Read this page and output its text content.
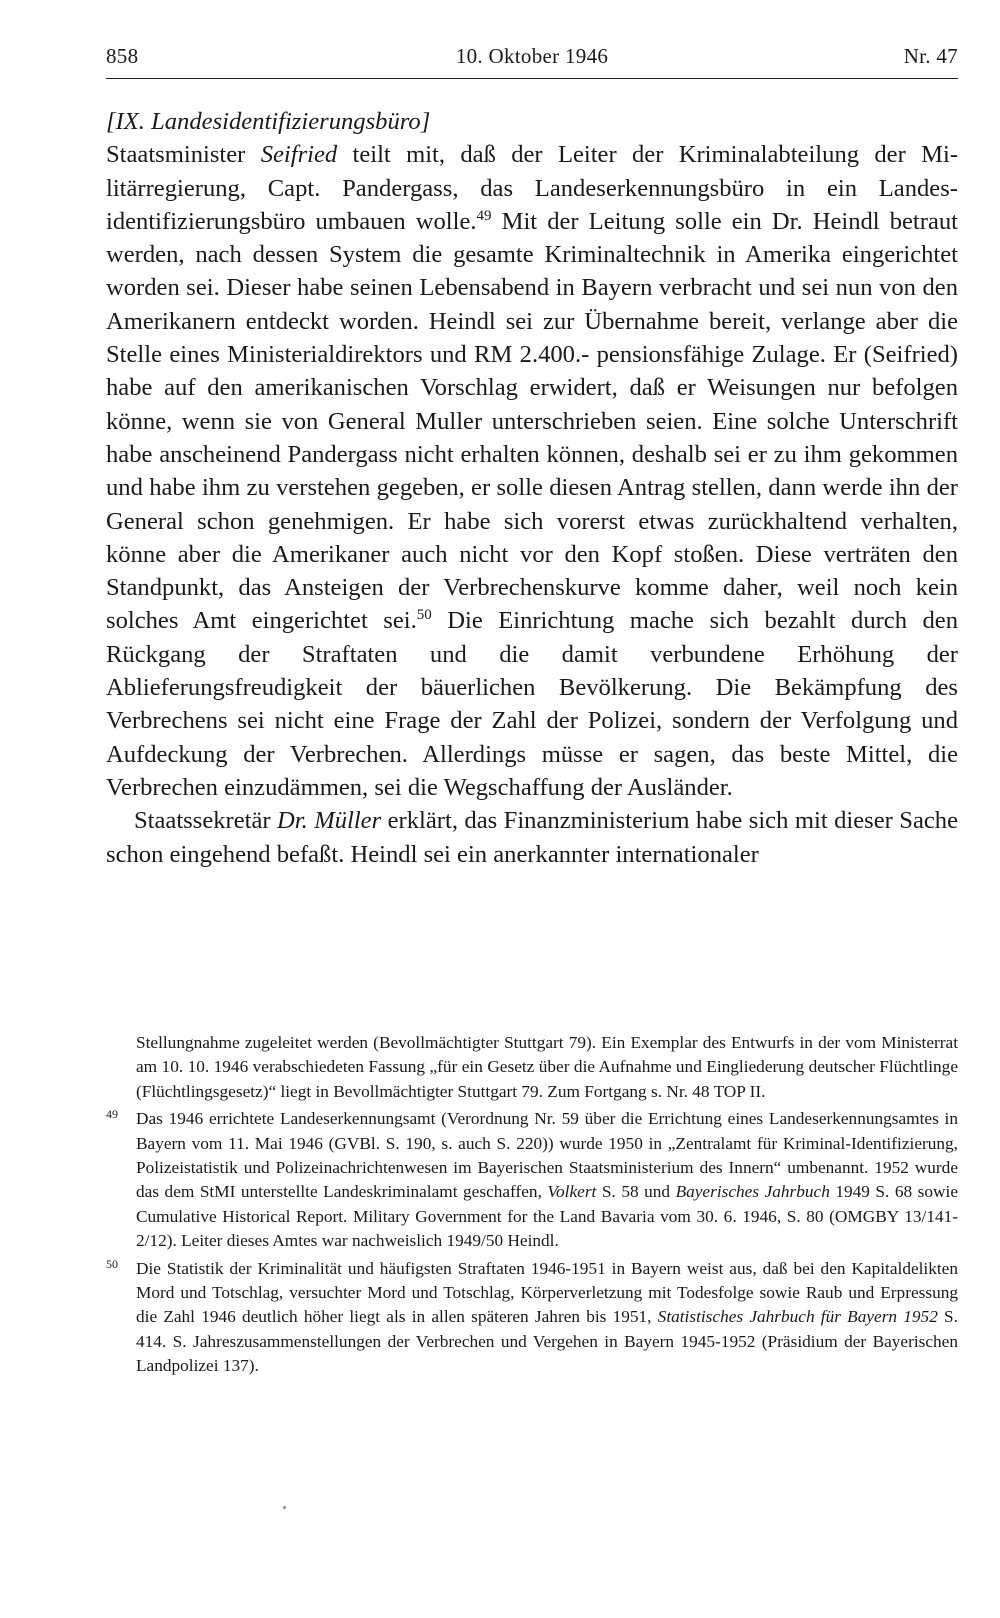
858	10. Oktober 1946	Nr. 47

[IX. Landesidentifizierungsbüro]

Staatsminister Seifried teilt mit, daß der Leiter der Kriminalabteilung der Militärregierung, Capt. Pandergass, das Landeserkennungsbüro in ein Landesidentifizierungsbüro umbauen wolle.$^{49}$ Mit der Leitung solle ein Dr. Heindl betraut werden, nach dessen System die gesamte Kriminaltechnik in Amerika eingerichtet worden sei. Dieser habe seinen Lebensabend in Bayern verbracht und sei nun von den Amerikanern entdeckt worden. Heindl sei zur Übernahme bereit, verlange aber die Stelle eines Ministerialdirektors und RM 2.400.- pensionsfähige Zulage. Er (Seifried) habe auf den amerikanischen Vorschlag erwidert, daß er Weisungen nur befolgen könne, wenn sie von General Muller unterschrieben seien. Eine solche Unterschrift habe anscheinend Pandergass nicht erhalten können, deshalb sei er zu ihm gekommen und habe ihm zu verstehen gegeben, er solle diesen Antrag stellen, dann werde ihn der General schon genehmigen. Er habe sich vorerst etwas zurückhaltend verhalten, könne aber die Amerikaner auch nicht vor den Kopf stoßen. Diese verträten den Standpunkt, das Ansteigen der Verbrechenskurve komme daher, weil noch kein solches Amt eingerichtet sei.$^{50}$ Die Einrichtung mache sich bezahlt durch den Rückgang der Straftaten und die damit verbundene Erhöhung der Ablieferungsfreudigkeit der bäuerlichen Bevölkerung. Die Bekämpfung des Verbrechens sei nicht eine Frage der Zahl der Polizei, sondern der Verfolgung und Aufdeckung der Verbrechen. Allerdings müsse er sagen, das beste Mittel, die Verbrechen einzudämmen, sei die Wegschaffung der Ausländer.

Staatssekretär Dr. Müller erklärt, das Finanzministerium habe sich mit dieser Sache schon eingehend befaßt. Heindl sei ein anerkannter internationaler

Stellungnahme zugeleitet werden (Bevollmächtigter Stuttgart 79). Ein Exemplar des Entwurfs in der vom Ministerrat am 10. 10. 1946 verabschiedeten Fassung „für ein Gesetz über die Aufnahme und Eingliederung deutscher Flüchtlinge (Flüchtlingsgesetz)“ liegt in Bevollmächtigter Stuttgart 79. Zum Fortgang s. Nr. 48 TOP II.

49 Das 1946 errichtete Landeserkennungsamt (Verordnung Nr. 59 über die Errichtung eines Landeserkennungsamtes in Bayern vom 11. Mai 1946 (GVBl. S. 190, s. auch S. 220)) wurde 1950 in „Zentralamt für Kriminal-Identifizierung, Polizeistatistik und Polizeinachrichtenwesen im Bayerischen Staatsministerium des Innern“ umbenannt. 1952 wurde das dem StMI unterstellte Landeskriminalamt geschaffen, Volkert S. 58 und Bayerisches Jahrbuch 1949 S. 68 sowie Cumulative Historical Report. Military Government for the Land Bavaria vom 30. 6. 1946, S. 80 (OMGBY 13/141-2/12). Leiter dieses Amtes war nachweislich 1949/50 Heindl.

50 Die Statistik der Kriminalität und häufigsten Straftaten 1946-1951 in Bayern weist aus, daß bei den Kapitaldelikten Mord und Totschlag, versuchter Mord und Totschlag, Körperverletzung mit Todesfolge sowie Raub und Erpressung die Zahl 1946 deutlich höher liegt als in allen späteren Jahren bis 1951, Statistisches Jahrbuch für Bayern 1952 S. 414. S. Jahreszusammenstellungen der Verbrechen und Vergehen in Bayern 1945-1952 (Präsidium der Bayerischen Landpolizei 137).
